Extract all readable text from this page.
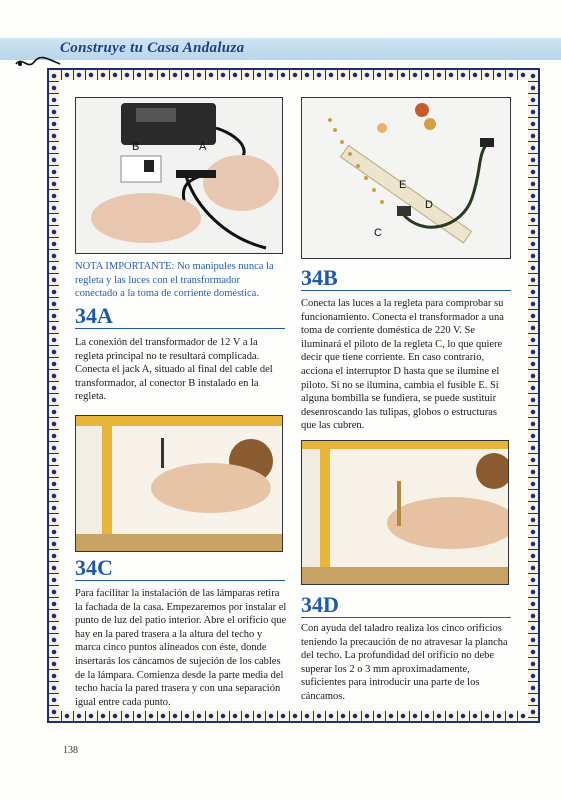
Construye tu Casa Andaluza
A
B
NOTA IMPORTANTE: No manipules nunca la regleta y las luces con el transformador conectado a la toma de corriente doméstica.
34A
La conexión del transformador de 12 V a la regleta principal no te resultará complicada. Conecta el jack A, situado al final del cable del transformador, al conector B instalado en la regleta.
C
D
E
34B
Conecta las luces a la regleta para comprobar su funcionamiento. Conecta el transformador a una toma de corriente doméstica de 220 V. Se iluminará el piloto de la regleta C, lo que quiere decir que tiene corriente. En caso contrario, acciona el interruptor D hasta que se ilumine el piloto. Si no se ilumina, cambia el fusible E. Si alguna bombilla se fundiera, se puede sustituir desenroscando las tulipas, globos o estructuras que las cubren.
34C
Para facilitar la instalación de las lámparas retira la fachada de la casa. Empezaremos por instalar el punto de luz del patio interior. Abre el orificio que hay en la pared trasera a la altura del techo y marca cinco puntos alineados con éste, donde insertarás los cáncamos de sujeción de los cables de la lámpara. Comienza desde la parte media del techo hacia la pared trasera y con una separación igual entre cada punto.
34D
Con ayuda del taladro realiza los cinco orificios teniendo la precaución de no atravesar la plancha del techo. La profundidad del orificio no debe superar los 2 o 3 mm aproximadamente, suficientes para introducir una parte de los cáncamos.
138
